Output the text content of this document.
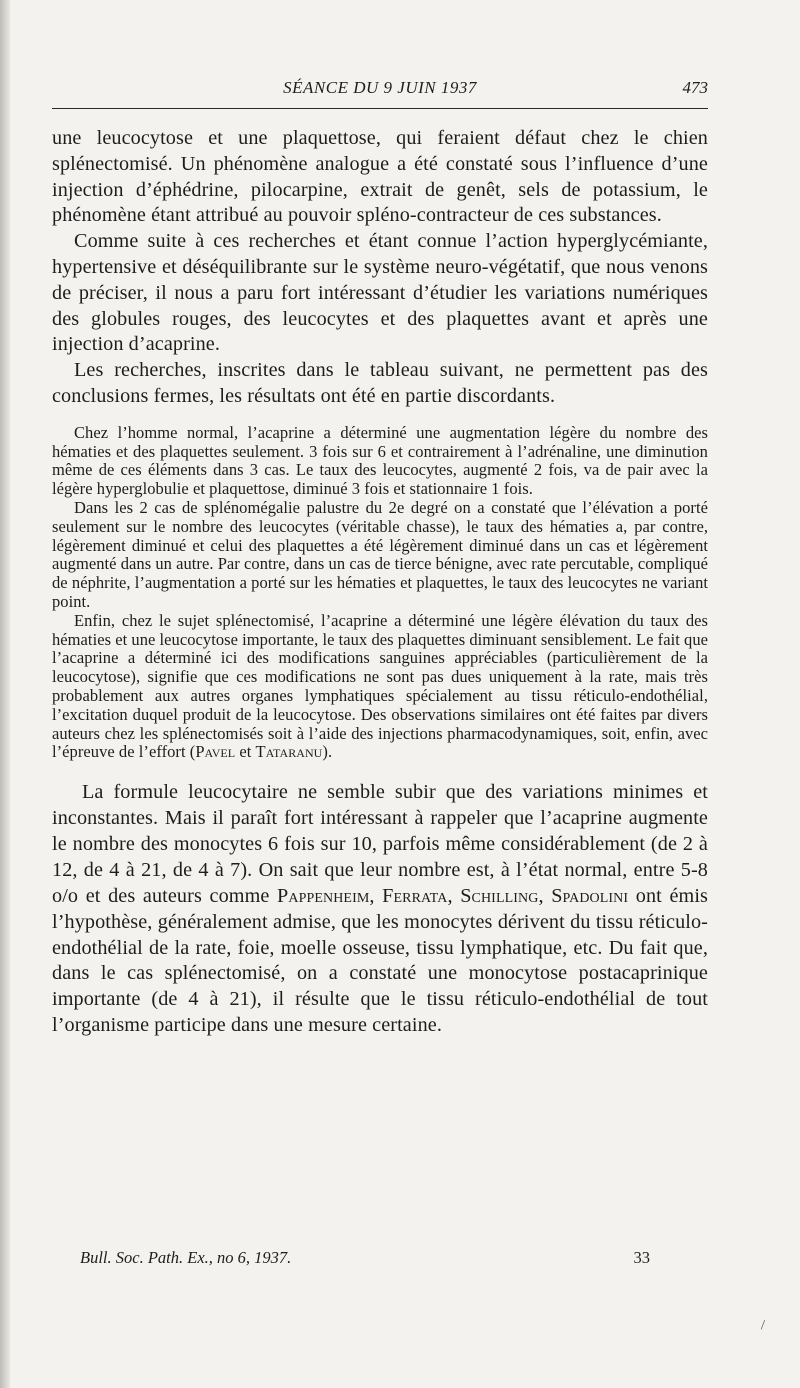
SÉANCE DU 9 JUIN 1937	473

une leucocytose et une plaquettose, qui feraient défaut chez le chien splénectomisé. Un phénomène analogue a été constaté sous l’influence d’une injection d’éphédrine, pilocarpine, extrait de genêt, sels de potassium, le phénomène étant attribué au pouvoir spléno-contracteur de ces substances.

Comme suite à ces recherches et étant connue l’action hyperglycémiante, hypertensive et déséquilibrante sur le système neuro-végétatif, que nous venons de préciser, il nous a paru fort intéressant d’étudier les variations numériques des globules rouges, des leucocytes et des plaquettes avant et après une injection d’acaprine.

Les recherches, inscrites dans le tableau suivant, ne permettent pas des conclusions fermes, les résultats ont été en partie discordants.

Chez l’homme normal, l’acaprine a déterminé une augmentation légère du nombre des hématies et des plaquettes seulement. 3 fois sur 6 et contrairement à l’adrénaline, une diminution même de ces éléments dans 3 cas. Le taux des leucocytes, augmenté 2 fois, va de pair avec la légère hyperglobulie et plaquettose, diminué 3 fois et stationnaire 1 fois.

Dans les 2 cas de splénomégalie palustre du 2e degré on a constaté que l’élévation a porté seulement sur le nombre des leucocytes (véritable chasse), le taux des hématies a, par contre, légèrement diminué et celui des plaquettes a été légèrement diminué dans un cas et légèrement augmenté dans un autre. Par contre, dans un cas de tierce bénigne, avec rate percutable, compliqué de néphrite, l’augmentation a porté sur les hématies et plaquettes, le taux des leucocytes ne variant point.

Enfin, chez le sujet splénectomisé, l’acaprine a déterminé une légère élévation du taux des hématies et une leucocytose importante, le taux des plaquettes diminuant sensiblement. Le fait que l’acaprine a déterminé ici des modifications sanguines appréciables (particulièrement de la leucocytose), signifie que ces modifications ne sont pas dues uniquement à la rate, mais très probablement aux autres organes lymphatiques spécialement au tissu réticulo-endothélial, l’excitation duquel produit de la leucocytose. Des observations similaires ont été faites par divers auteurs chez les splénectomisés soit à l’aide des injections pharmacodynamiques, soit, enfin, avec l’épreuve de l’effort (Pavel et Tataranu).

La formule leucocytaire ne semble subir que des variations minimes et inconstantes. Mais il paraît fort intéressant à rappeler que l’acaprine augmente le nombre des monocytes 6 fois sur 10, parfois même considérablement (de 2 à 12, de 4 à 21, de 4 à 7). On sait que leur nombre est, à l’état normal, entre 5-8 o/o et des auteurs comme Pappenheim, Ferrata, Schilling, Spadolini ont émis l’hypothèse, généralement admise, que les monocytes dérivent du tissu réticulo-endothélial de la rate, foie, moelle osseuse, tissu lymphatique, etc. Du fait que, dans le cas splénectomisé, on a constaté une monocytose postacaprinique importante (de 4 à 21), il résulte que le tissu réticulo-endothélial de tout l’organisme participe dans une mesure certaine.

Bull. Soc. Path. Ex., no 6, 1937.	33
\
